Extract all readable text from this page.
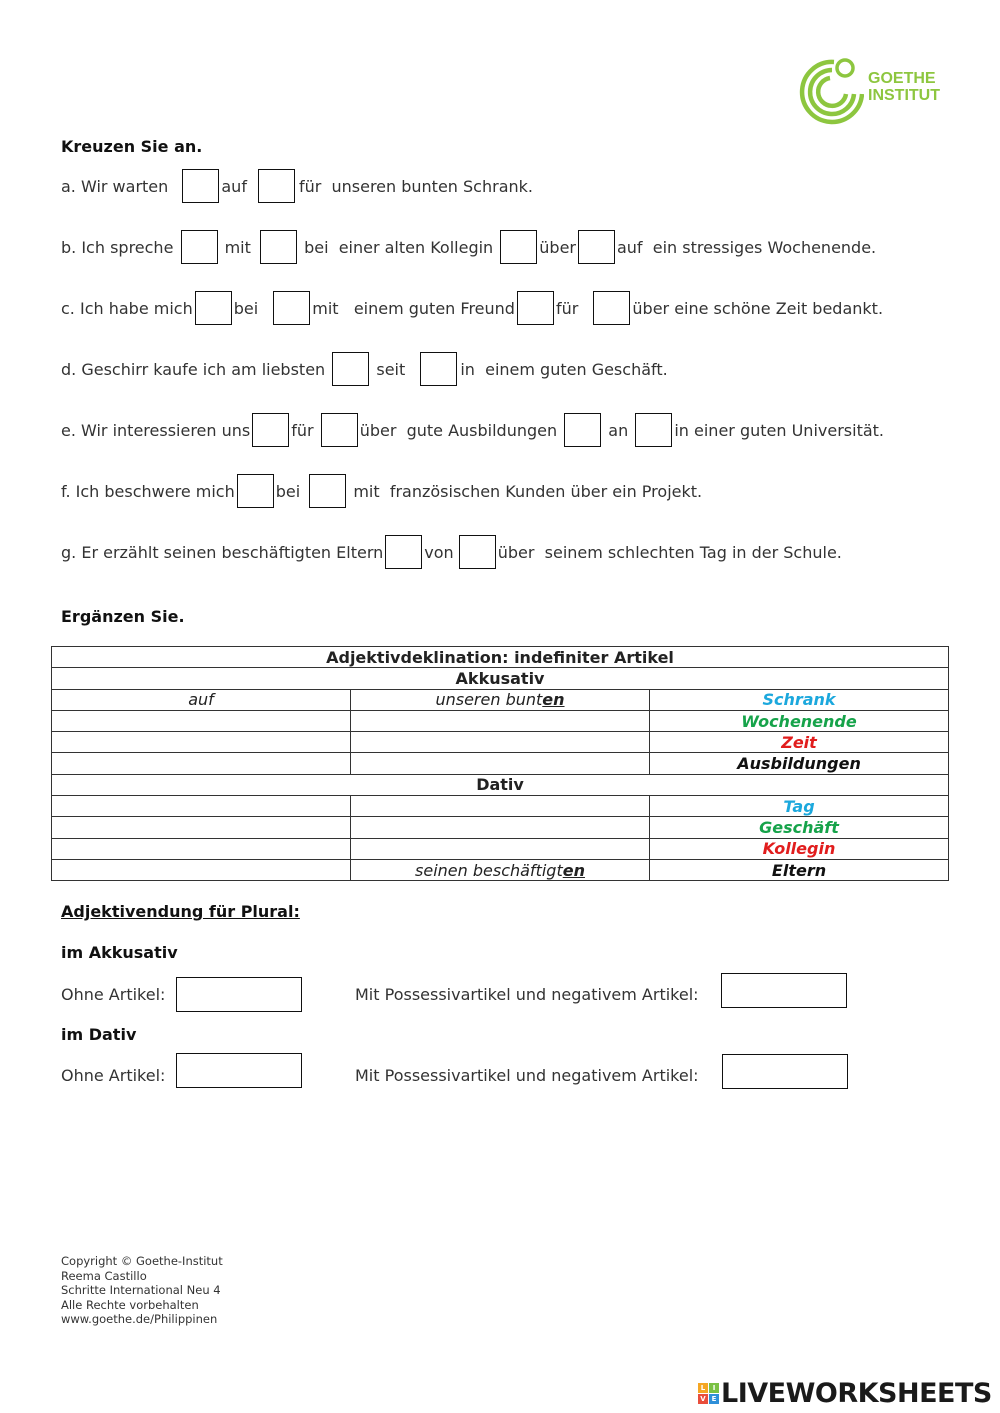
GOETHE
INSTITUT
Kreuzen Sie an.
a. Wir warten	auf	für  unseren bunten Schrank.
b. Ich spreche	mit	bei  einer alten Kollegin	über	auf  ein stressiges Wochenende.
c. Ich habe mich	bei	mit   einem guten Freund	für	über eine schöne Zeit bedankt.
d. Geschirr kaufe ich am liebsten	seit	in  einem guten Geschäft.
e. Wir interessieren uns	für	über  gute Ausbildungen	an	in einer guten Universität.
f. Ich beschwere mich	bei	mit  französischen Kunden über ein Projekt.
g. Er erzählt seinen beschäftigten Eltern	von über  seinem schlechten Tag in der Schule.
Ergänzen Sie.
Adjektivdeklination: indefiniter Artikel		
Akkusativ		
auf	unseren bunten	Schrank
		Wochenende
		Zeit
		Ausbildungen
Dativ		
		Tag
		Geschäft
		Kollegin
	seinen beschäftigten	Eltern
Adjektivendung für Plural:
im Akkusativ
Ohne Artikel:	Mit Possessivartikel und negativem Artikel:
im Dativ
Ohne Artikel:	Mit Possessivartikel und negativem Artikel:
Copyright © Goethe-Institut
Reema Castillo
Schritte International Neu 4
Alle Rechte vorbehalten
www.goethe.de/Philippinen
L	I
V E LIVEWORKSHEETS
